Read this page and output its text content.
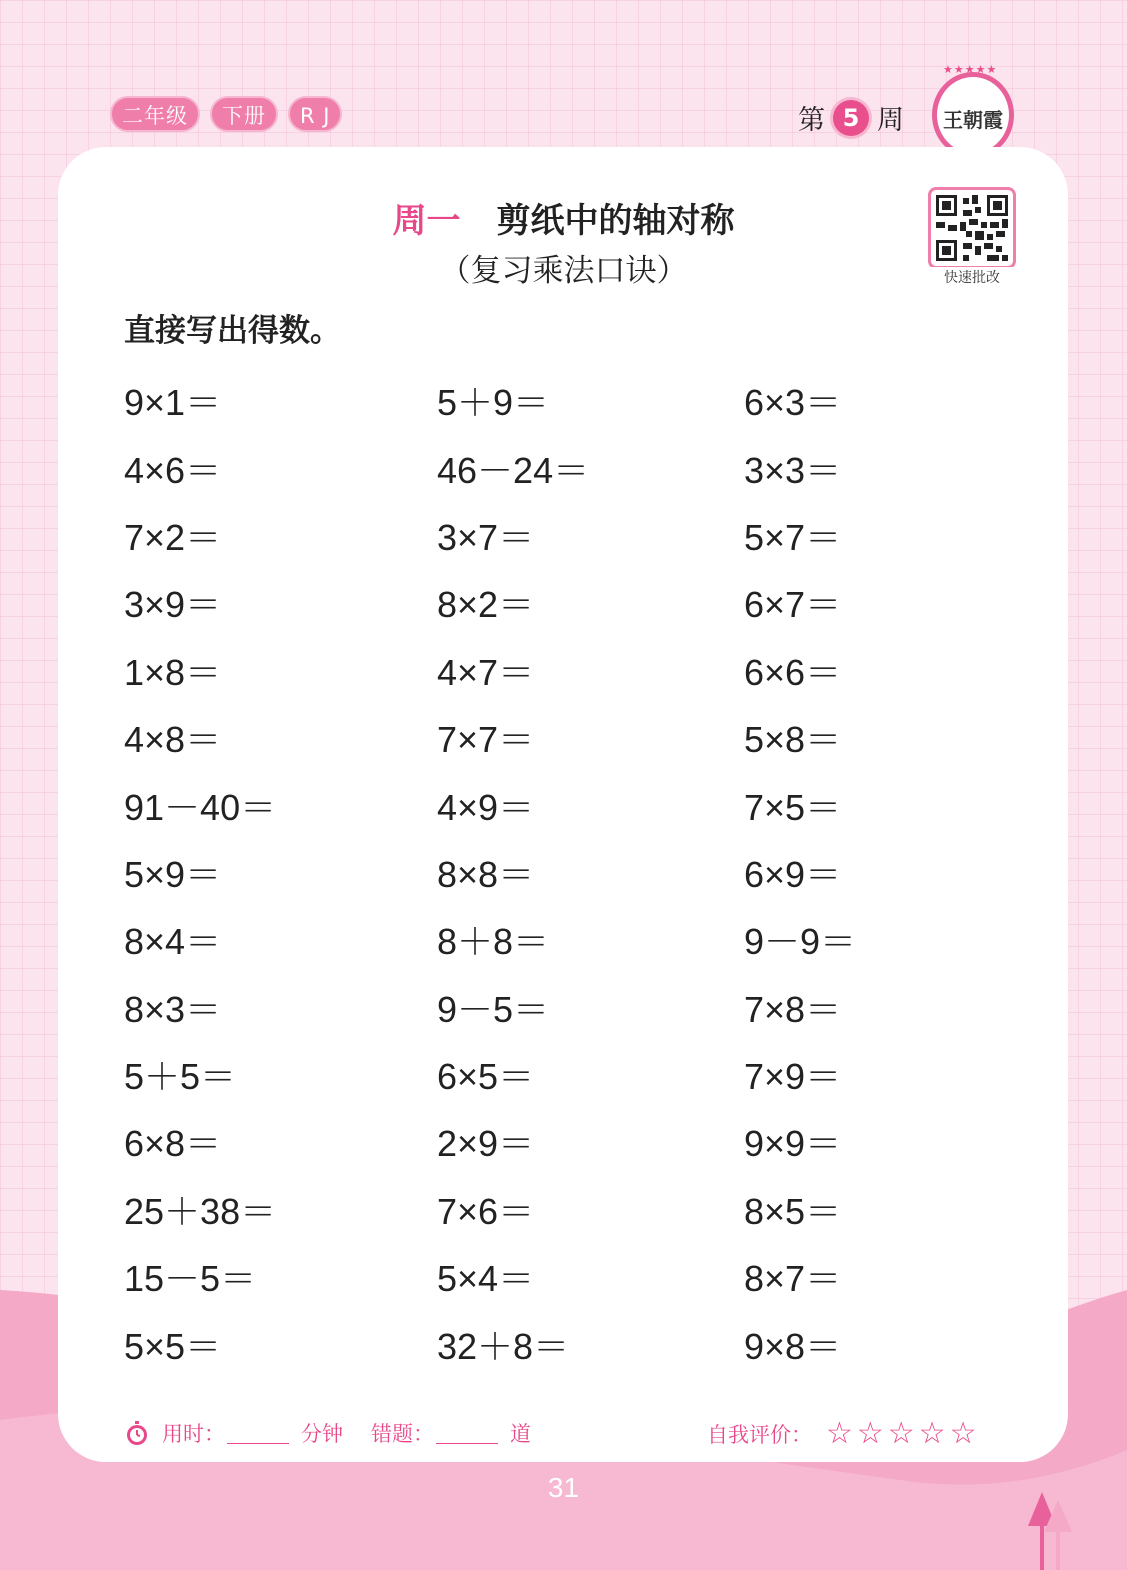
二年级	下册	R J	第 5 周
★★★★★
王朝霞
周一 剪纸中的轴对称
（复习乘法口诀）	快速批改
直接写出得数。
9×1＝	5＋9＝	6×3＝
4×6＝	46－24＝	3×3＝
7×2＝	3×7＝	5×7＝
3×9＝	8×2＝	6×7＝
1×8＝	4×7＝	6×6＝
4×8＝	7×7＝	5×8＝
91－40＝	4×9＝	7×5＝
5×9＝	8×8＝	6×9＝
8×4＝	8＋8＝	9－9＝
8×3＝	9－5＝	7×8＝
5＋5＝	6×5＝	7×9＝
6×8＝	2×9＝	9×9＝
25＋38＝	7×6＝	8×5＝
15－5＝	5×4＝	8×7＝
5×5＝	32＋8＝	9×8＝
用时：	分钟 错题：	道	自我评价： ☆☆☆☆☆
31
